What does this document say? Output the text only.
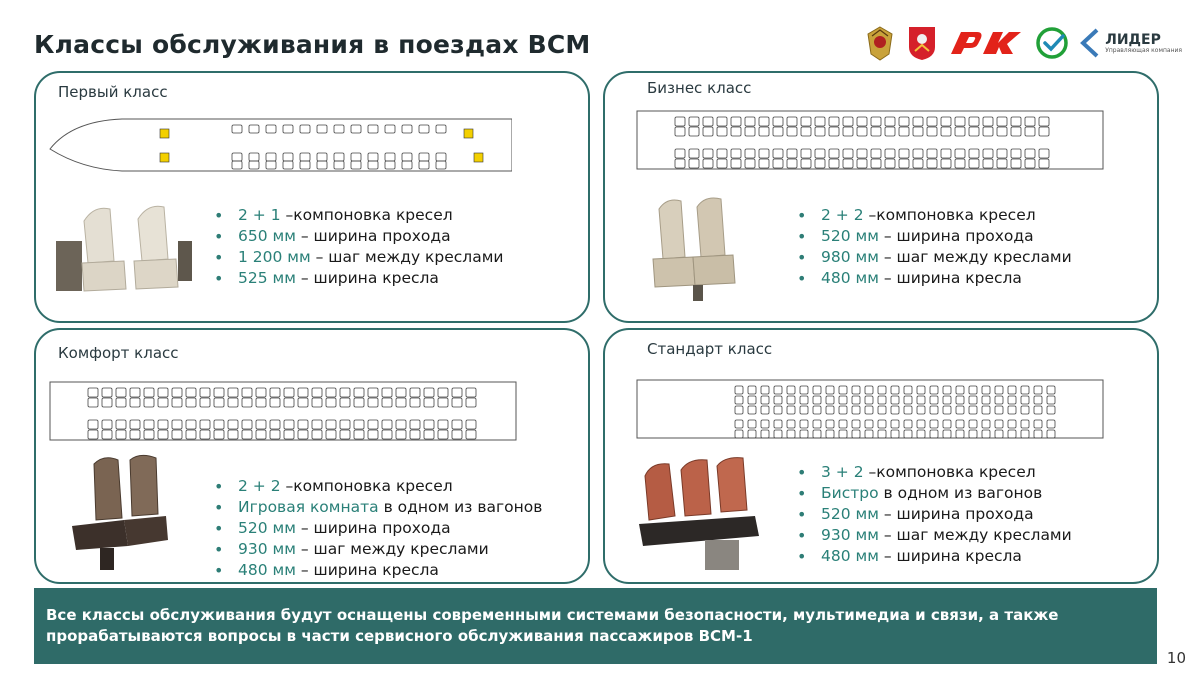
Классы обслуживания в поездах ВСМ	ЛИДЕР
Управляющая компания
Первый класс
• 2 + 1 –компоновка кресел
• 650 мм – ширина прохода
• 1 200 мм – шаг между креслами
• 525 мм – ширина кресла
Бизнес класс
• 2 + 2 –компоновка кресел
• 520 мм – ширина прохода
• 980 мм – шаг между креслами
• 480 мм – ширина кресла
Комфорт класс
• 2 + 2 –компоновка кресел
• Игровая комната в одном из вагонов
• 520 мм – ширина прохода
• 930 мм – шаг между креслами
• 480 мм – ширина кресла
Стандарт класс
• 3 + 2 –компоновка кресел
• Бистро в одном из вагонов
• 520 мм – ширина прохода
• 930 мм – шаг между креслами
• 480 мм – ширина кресла
Все классы обслуживания будут оснащены современными системами безопасности, мультимедиа и связи, а также
прорабатываются вопросы в части сервисного обслуживания пассажиров ВСМ-1
10
